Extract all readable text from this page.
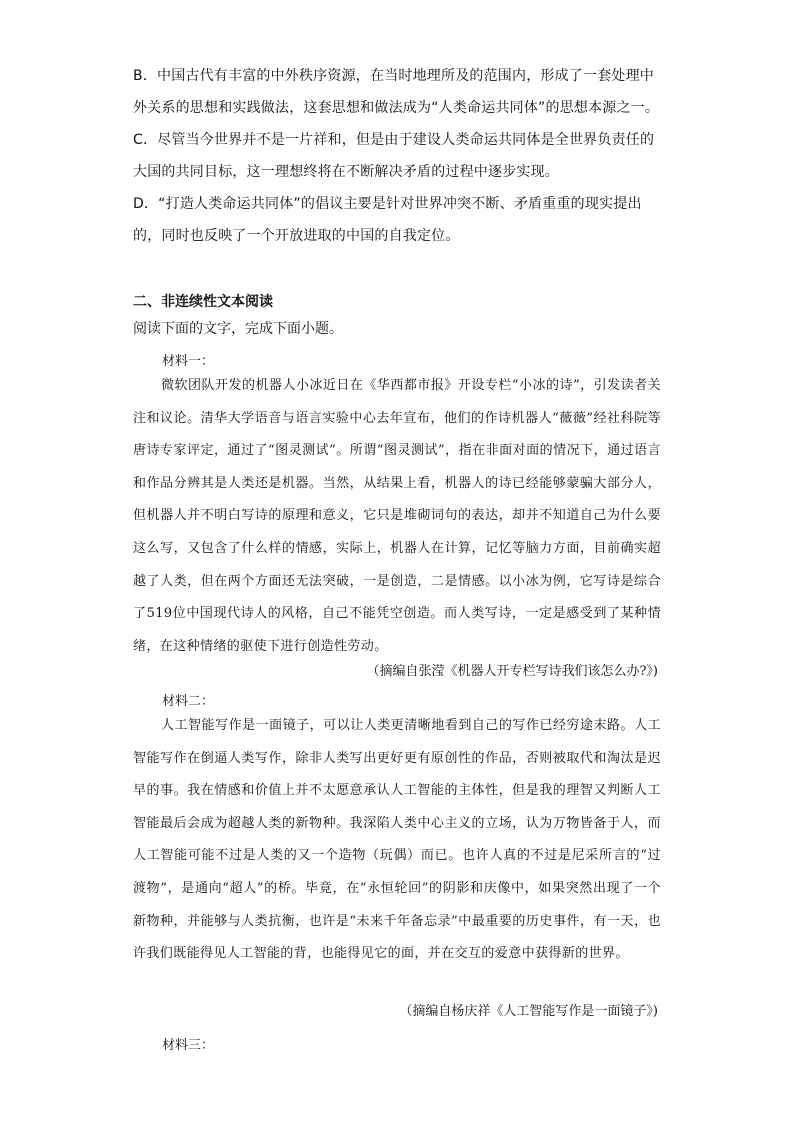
B．中国古代有丰富的中外秩序资源，在当时地理所及的范围内，形成了一套处理中外关系的思想和实践做法，这套思想和做法成为“人类命运共同体”的思想本源之一。
C．尽管当今世界并不是一片祥和，但是由于建设人类命运共同体是全世界负责任的大国的共同目标，这一理想终将在不断解决矛盾的过程中逐步实现。
D．“打造人类命运共同体”的倡议主要是针对世界冲突不断、矛盾重重的现实提出的，同时也反映了一个开放进取的中国的自我定位。
二、非连续性文本阅读
阅读下面的文字，完成下面小题。
材料一：
微软团队开发的机器人小冰近日在《华西都市报》开设专栏“小冰的诗”，引发读者关注和议论。清华大学语音与语言实验中心去年宣布，他们的作诗机器人“薇薇”经社科院等唐诗专家评定，通过了“图灵测试”。所谓“图灵测试”，指在非面对面的情况下，通过语言和作品分辨其是人类还是机器。当然，从结果上看，机器人的诗已经能够蒙骗大部分人，但机器人并不明白写诗的原理和意义，它只是堆砌词句的表达，却并不知道自己为什么要这么写，又包含了什么样的情感，实际上，机器人在计算，记忆等脑力方面，目前确实超越了人类，但在两个方面还无法突破，一是创造，二是情感。以小冰为例，它写诗是综合了519位中国现代诗人的风格，自己不能凭空创造。而人类写诗，一定是感受到了某种情绪，在这种情绪的驱使下进行创造性劳动。
（摘编自张滢《机器人开专栏写诗我们该怎么办?》)
材料二：
人工智能写作是一面镜子，可以让人类更清晰地看到自己的写作已经穷途末路。人工智能写作在倒逼人类写作，除非人类写出更好更有原创性的作品，否则被取代和淘汰是迟早的事。我在情感和价值上并不太愿意承认人工智能的主体性，但是我的理智又判断人工智能最后会成为超越人类的新物种。我深陷人类中心主义的立场，认为万物皆备于人，而人工智能可能不过是人类的又一个造物（玩偶）而已。也许人真的不过是尼采所言的“过渡物”，是通向“超人”的桥。毕竟，在“永恒轮回”的阴影和庆像中，如果突然出现了一个新物种，并能够与人类抗衡，也许是“未来千年备忘录”中最重要的历史事件，有一天，也许我们既能得见人工智能的背，也能得见它的面，并在交互的爱意中获得新的世界。
（摘编自杨庆祥《人工智能写作是一面镜子》)
材料三：
